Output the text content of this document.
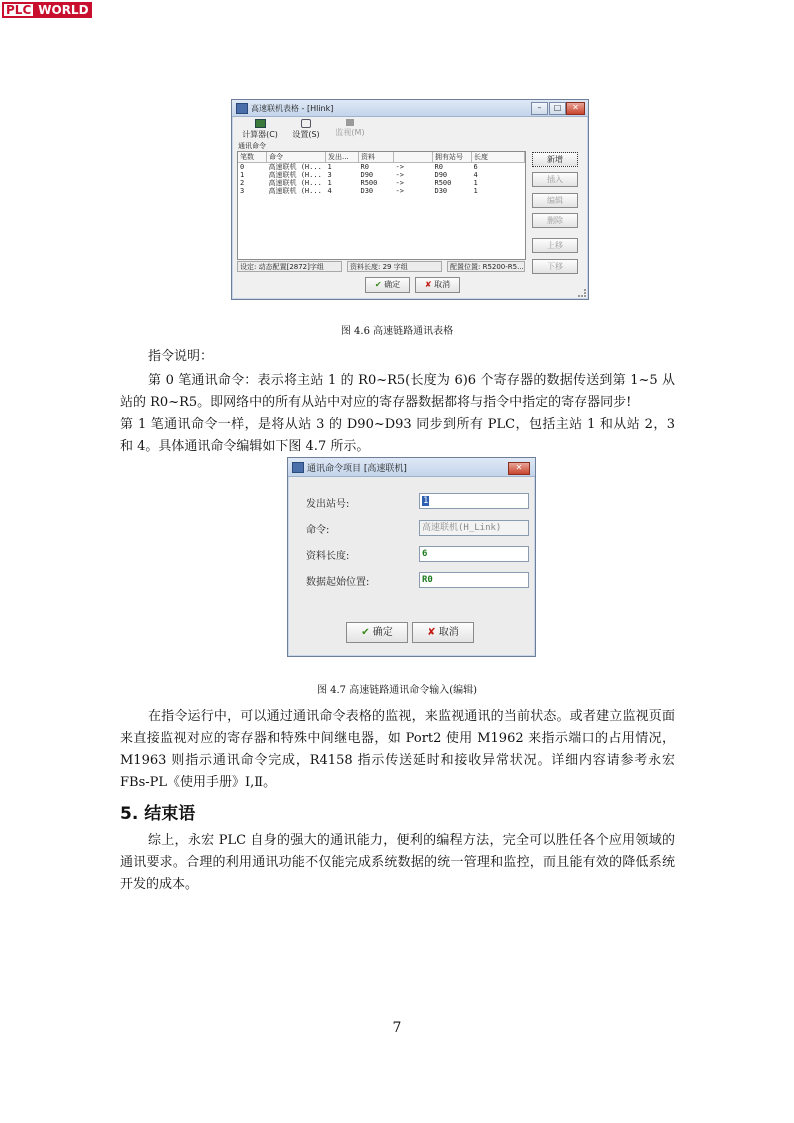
PLC WORLD
高速联机表格 - [Hlink]	–	□	✕
计算器(C)	设置(S)	监视(M)
通讯命令
笔数	命令	发出...	资料		拥有站号	长度
0	高速联机 (H...	1	R0	->	R0	6
1	高速联机 (H...	3	D90	->	D90	4
2	高速联机 (H...	1	R500	->	R500	1
3	高速联机 (H...	4	D30	->	D30	1
新增
插入
编辑
删除
上移
下移
设定: 动态配置[2872]字组	资料长度: 29 字组	配置位置: R5200-R5...
✔ 确定	✘ 取消
图 4.6 高速链路通讯表格
指令说明：
第 0 笔通讯命令：表示将主站 1 的 R0~R5(长度为 6)6 个寄存器的数据传送到第 1~5 从站的 R0~R5。即网络中的所有从站中对应的寄存器数据都将与指令中指定的寄存器同步!
第 1 笔通讯命令一样，是将从站 3 的 D90~D93 同步到所有 PLC，包括主站 1 和从站 2，3 和 4。具体通讯命令编辑如下图 4.7 所示。
通讯命令项目 [高速联机]	✕
发出站号:	1
命令:	高速联机(H_Link)
资料长度:	6
数据起始位置:	R0
✔ 确定	✘ 取消
图 4.7 高速链路通讯命令输入(编辑)
在指令运行中，可以通过通讯命令表格的监视，来监视通讯的当前状态。或者建立监视页面来直接监视对应的寄存器和特殊中间继电器，如 Port2 使用 M1962 来指示端口的占用情况，M1963 则指示通讯命令完成，R4158 指示传送延时和接收异常状况。详细内容请参考永宏 FBs-PL《使用手册》Ⅰ,Ⅱ。
5. 结束语
综上，永宏 PLC 自身的强大的通讯能力，便利的编程方法，完全可以胜任各个应用领域的通讯要求。合理的利用通讯功能不仅能完成系统数据的统一管理和监控，而且能有效的降低系统开发的成本。
7
